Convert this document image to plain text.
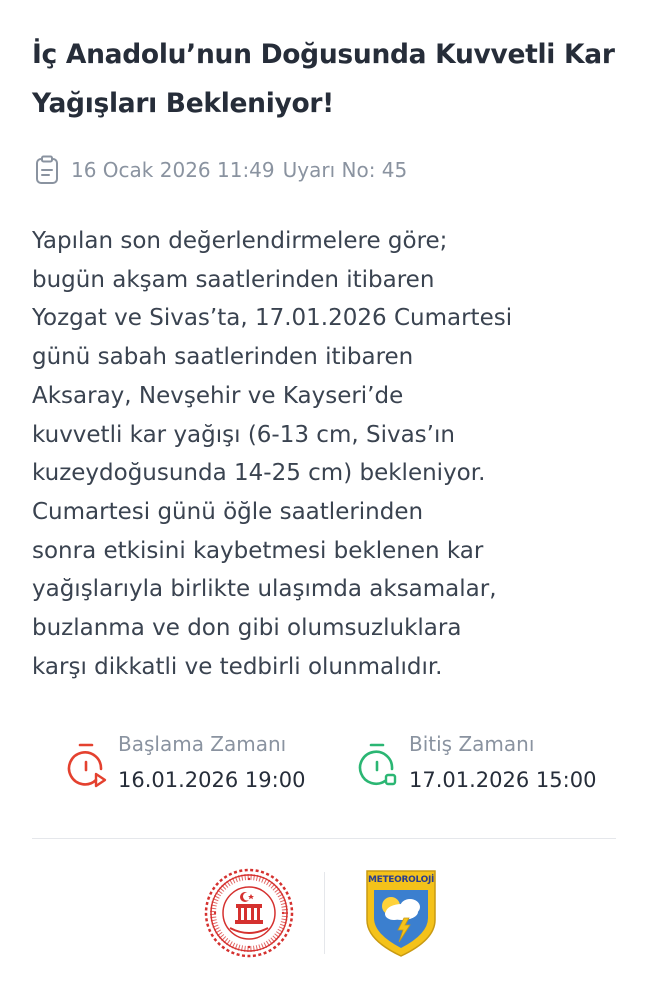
İç Anadolu’nun Doğusunda Kuvvetli Kar Yağışları Bekleniyor!
16 Ocak 2026 11:49 Uyarı No: 45
Yapılan son değerlendirmelere göre;
bugün akşam saatlerinden itibaren
Yozgat ve Sivas’ta, 17.01.2026 Cumartesi
günü sabah saatlerinden itibaren
Aksaray, Nevşehir ve Kayseri’de
kuvvetli kar yağışı (6-13 cm, Sivas’ın
kuzeydoğusunda 14-25 cm) bekleniyor.
Cumartesi günü öğle saatlerinden
sonra etkisini kaybetmesi beklenen kar
yağışlarıyla birlikte ulaşımda aksamalar,
buzlanma ve don gibi olumsuzluklara
karşı dikkatli ve tedbirli olunmalıdır.
Başlama Zamanı
16.01.2026 19:00
Bitiş Zamanı
17.01.2026 15:00
METEOROLOJİ
